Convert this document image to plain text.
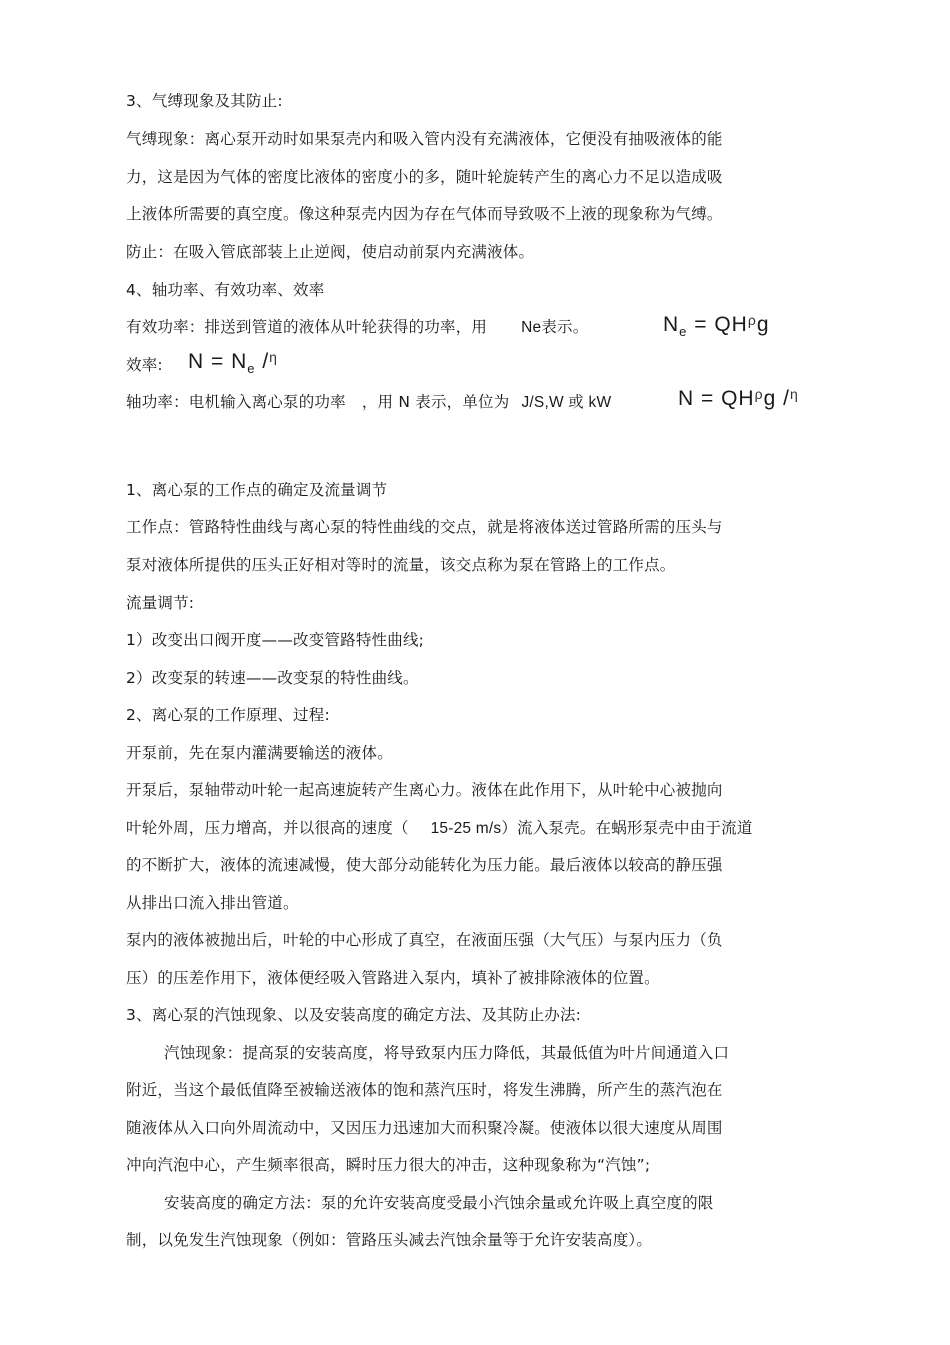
3、气缚现象及其防止:
气缚现象：离心泵开动时如果泵壳内和吸入管内没有充满液体，它便没有抽吸液体的能
力，这是因为气体的密度比液体的密度小的多，随叶轮旋转产生的离心力不足以造成吸
上液体所需要的真空度。像这种泵壳内因为存在气体而导致吸不上液的现象称为气缚。
防止：在吸入管底部装上止逆阀，使启动前泵内充满液体。
4、轴功率、有效功率、效率
有效功率：排送到管道的液体从叶轮获得的功率，用 Ne表示。	$N_e = QH^\rho g$
效率: $N = N_e$ /$^\eta$
轴功率：电机输入离心泵的功率 ，用 N 表示，单位为 J/S,W 或 kW	$N = QH^\rho g$ /$^\eta$
1、离心泵的工作点的确定及流量调节
工作点：管路特性曲线与离心泵的特性曲线的交点，就是将液体送过管路所需的压头与
泵对液体所提供的压头正好相对等时的流量，该交点称为泵在管路上的工作点。
流量调节:
1）改变出口阀开度——改变管路特性曲线;
2）改变泵的转速——改变泵的特性曲线。
2、离心泵的工作原理、过程:
开泵前，先在泵内灌满要输送的液体。
开泵后，泵轴带动叶轮一起高速旋转产生离心力。液体在此作用下，从叶轮中心被抛向
叶轮外周，压力增高，并以很高的速度（ 15-25 m/s）流入泵壳。在蜗形泵壳中由于流道
的不断扩大，液体的流速减慢，使大部分动能转化为压力能。最后液体以较高的静压强
从排出口流入排出管道。
泵内的液体被抛出后，叶轮的中心形成了真空，在液面压强（大气压）与泵内压力（负
压）的压差作用下，液体便经吸入管路进入泵内，填补了被排除液体的位置。
3、离心泵的汽蚀现象、以及安装高度的确定方法、及其防止办法:
汽蚀现象：提高泵的安装高度，将导致泵内压力降低，其最低值为叶片间通道入口
附近，当这个最低值降至被输送液体的饱和蒸汽压时，将发生沸腾，所产生的蒸汽泡在
随液体从入口向外周流动中，又因压力迅速加大而积聚冷凝。使液体以很大速度从周围
冲向汽泡中心，产生频率很高，瞬时压力很大的冲击，这种现象称为“汽蚀”;
安装高度的确定方法：泵的允许安装高度受最小汽蚀余量或允许吸上真空度的限
制，以免发生汽蚀现象（例如：管路压头减去汽蚀余量等于允许安装高度）。
